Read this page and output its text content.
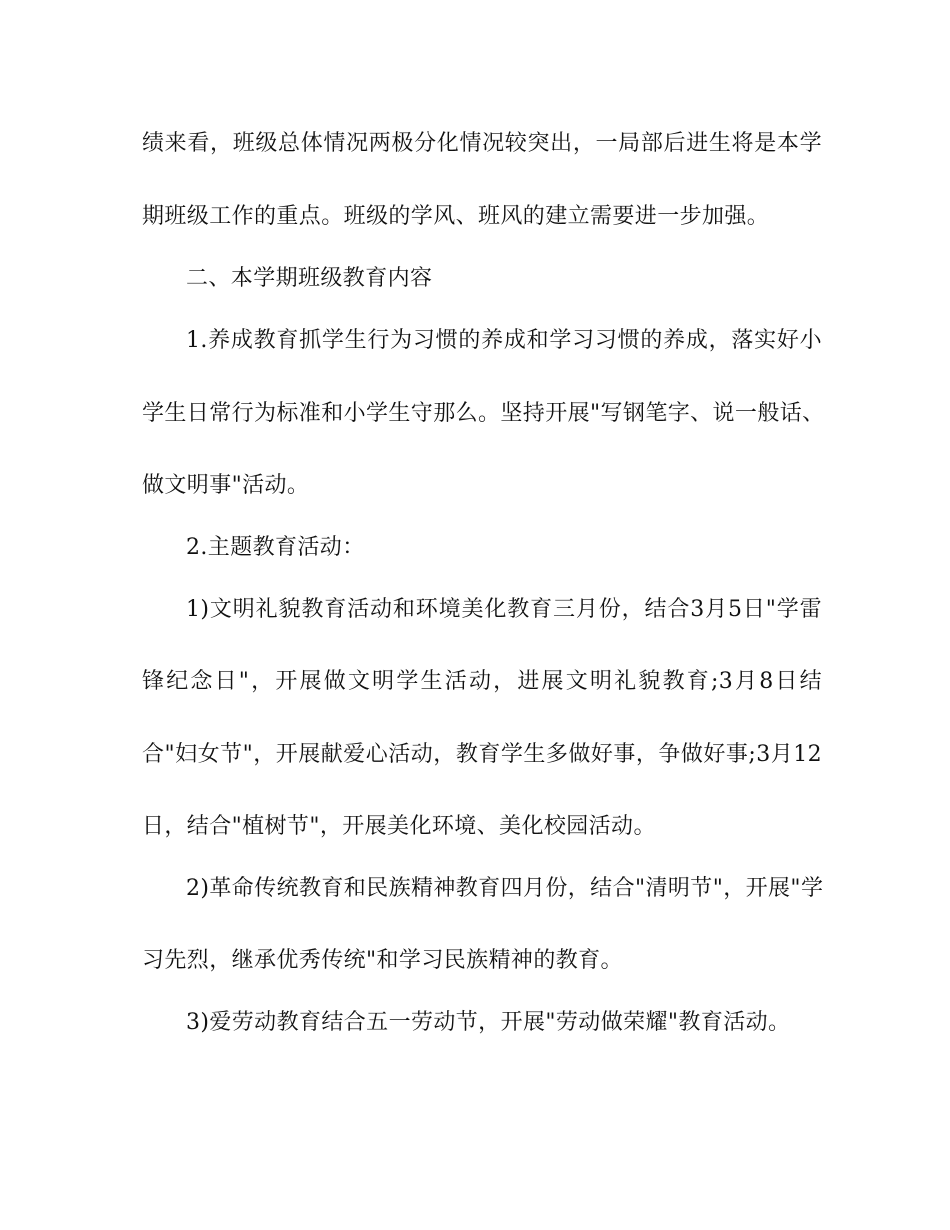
绩来看，班级总体情况两极分化情况较突出，一局部后进生将是本学
期班级工作的重点。班级的学风、班风的建立需要进一步加强。
二、本学期班级教育内容
1.养成教育抓学生行为习惯的养成和学习习惯的养成，落实好小
学生日常行为标准和小学生守那么。坚持开展"写钢笔字、说一般话、
做文明事"活动。
2.主题教育活动：
1)文明礼貌教育活动和环境美化教育三月份，结合3月5日"学雷
锋纪念日"，开展做文明学生活动，进展文明礼貌教育;3月8日结
合"妇女节"，开展献爱心活动，教育学生多做好事，争做好事;3月12
日，结合"植树节"，开展美化环境、美化校园活动。
2)革命传统教育和民族精神教育四月份，结合"清明节"，开展"学
习先烈，继承优秀传统"和学习民族精神的教育。
3)爱劳动教育结合五一劳动节，开展"劳动做荣耀"教育活动。
